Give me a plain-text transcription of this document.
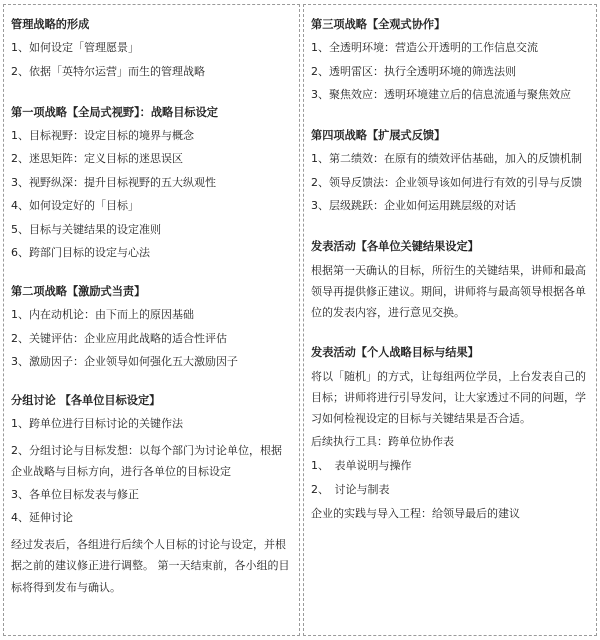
管理战略的形成
1、如何设定「管理愿景」
2、依据「英特尔运营」而生的管理战略
第一项战略【全局式视野】：战略目标设定
1、目标视野：设定目标的境界与概念
2、迷思矩阵：定义目标的迷思误区
3、视野纵深：提升目标视野的五大纵观性
4、如何设定好的「目标」
5、目标与关键结果的设定准则
6、跨部门目标的设定与心法
第二项战略【激励式当责】
1、内在动机论：由下而上的原因基础
2、关键评估：企业应用此战略的适合性评估
3、激励因子：企业领导如何强化五大激励因子
分组讨论 【各单位目标设定】
1、跨单位进行目标讨论的关键作法
2、分组讨论与目标发想：以每个部门为讨论单位，根据企业战略与目标方向，进行各单位的目标设定
3、各单位目标发表与修正
4、延伸讨论
经过发表后，各组进行后续个人目标的讨论与设定，并根据之前的建议修正进行调整。 第一天结束前，各小组的目标将得到发布与确认。
第三项战略【全观式协作】
1、全透明环境：营造公开透明的工作信息交流
2、透明雷区：执行全透明环境的筛选法则
3、聚焦效应：透明环境建立后的信息流通与聚焦效应
第四项战略【扩展式反馈】
1、第二绩效：在原有的绩效评估基础，加入的反馈机制
2、领导反馈法：企业领导该如何进行有效的引导与反馈
3、层级跳跃：企业如何运用跳层级的对话
发表活动【各单位关键结果设定】
根据第一天确认的目标，所衍生的关键结果，讲师和最高领导再提供修正建议。期间，讲师将与最高领导根据各单位的发表内容，进行意见交换。
发表活动【个人战略目标与结果】
将以「随机」的方式，让每组两位学员，上台发表自己的目标；讲师将进行引导发问，让大家透过不同的问题，学习如何检视设定的目标与关键结果是否合适。
后续执行工具：跨单位协作表
1、　表单说明与操作
2、　讨论与制表
企业的实践与导入工程：给领导最后的建议
